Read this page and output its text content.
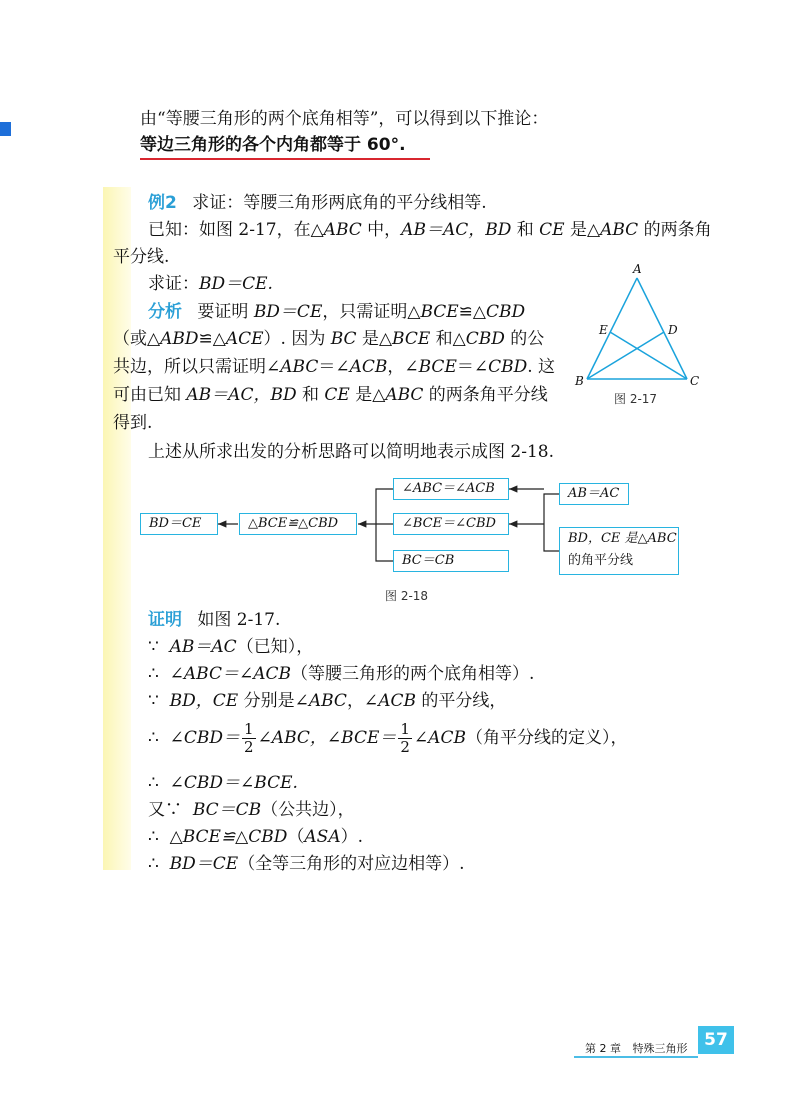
由“等腰三角形的两个底角相等”，可以得到以下推论：
等边三角形的各个内角都等于 60°.
例2 求证：等腰三角形两底角的平分线相等.
已知：如图 2-17，在△ABC 中，AB＝AC，BD 和 CE 是△ABC 的两条角
平分线.
求证：BD＝CE.
分析 要证明 BD＝CE，只需证明△BCE≌△CBD
（或△ABD≌△ACE）. 因为 BC 是△BCE 和△CBD 的公
共边，所以只需证明∠ABC＝∠ACB，∠BCE＝∠CBD. 这
可由已知 AB＝AC，BD 和 CE 是△ABC 的两条角平分线
得到.
上述从所求出发的分析思路可以简明地表示成图 2-18.
A
E	D
B	C
图 2-17
BD＝CE	△BCE≌△CBD
∠ABC＝∠ACB
∠BCE＝∠CBD
BC＝CB
AB＝AC
BD，CE 是△ABC
的角平分线
图 2-18
证明 如图 2-17.
∵ AB＝AC（已知），
∴ ∠ABC＝∠ACB（等腰三角形的两个底角相等）.
∵ BD，CE 分别是∠ABC，∠ACB 的平分线，
∴ ∠CBD＝ $\frac{1}{2}$ ∠ABC，∠BCE＝ $\frac{1}{2}$ ∠ACB（角平分线的定义），
∴ ∠CBD＝∠BCE.
又∵ BC＝CB（公共边），
∴ △BCE≌△CBD（ASA）.
∴ BD＝CE（全等三角形的对应边相等）.
第 2 章 特殊三角形 57
